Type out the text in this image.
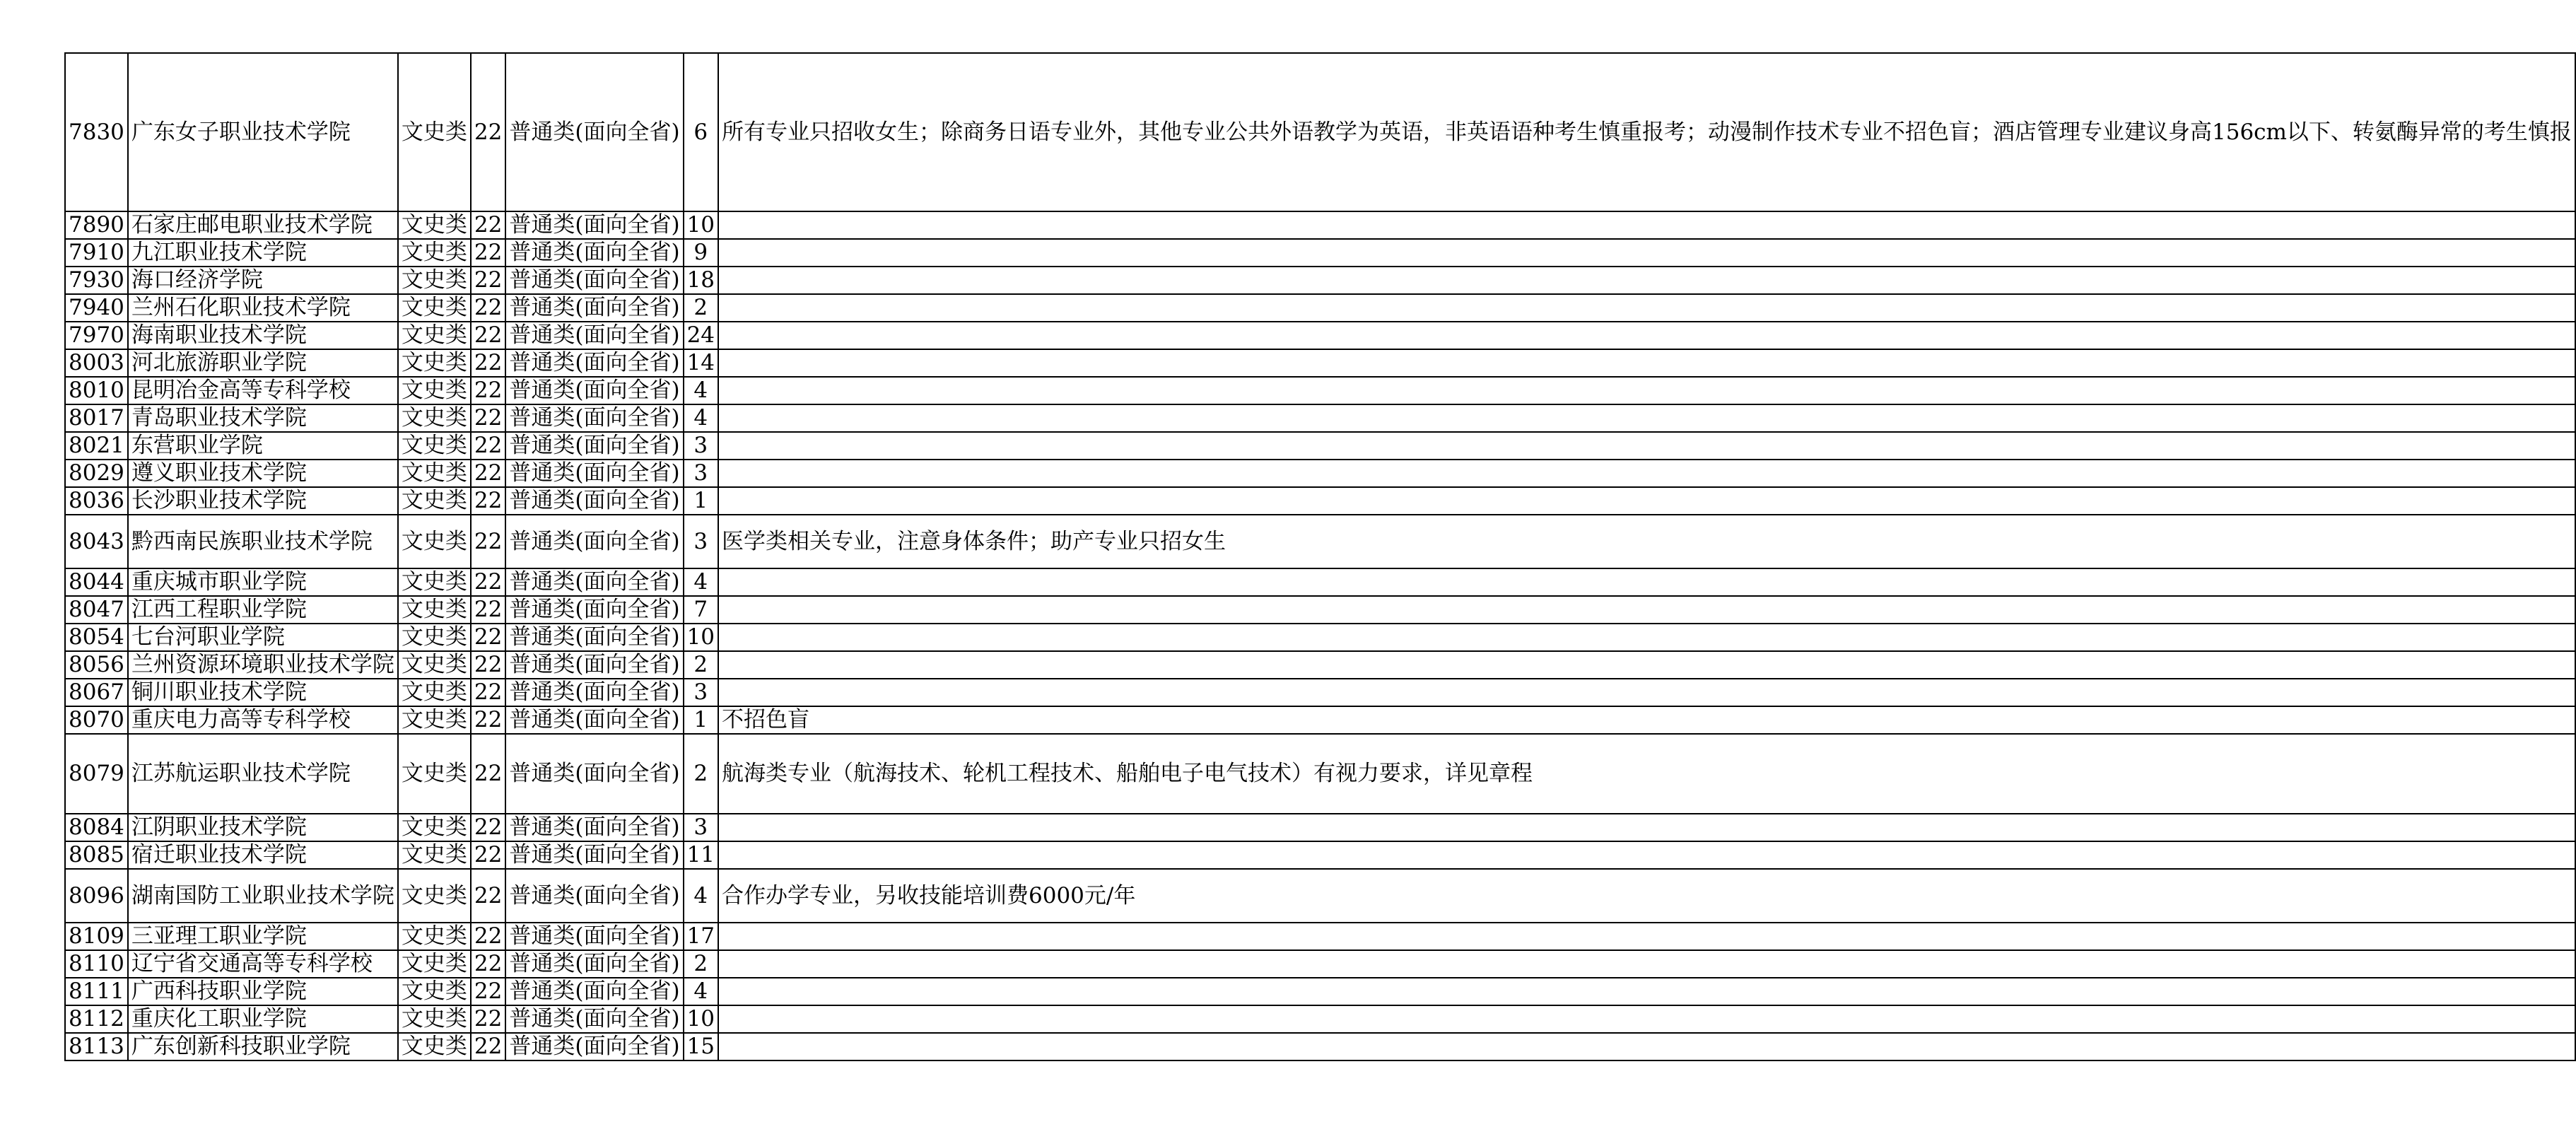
7830	广东女子职业技术学院	文史类	22	普通类(面向全省)	6	所有专业只招收女生；除商务日语专业外，其他专业公共外语教学为英语，非英语语种考生慎重报考；动漫制作技术专业不招色盲；酒店管理专业建议身高156cm以下、转氨酶异常的考生慎报
7890	石家庄邮电职业技术学院	文史类	22	普通类(面向全省)	10	
7910	九江职业技术学院	文史类	22	普通类(面向全省)	9	
7930	海口经济学院	文史类	22	普通类(面向全省)	18	
7940	兰州石化职业技术学院	文史类	22	普通类(面向全省)	2	
7970	海南职业技术学院	文史类	22	普通类(面向全省)	24	
8003	河北旅游职业学院	文史类	22	普通类(面向全省)	14	
8010	昆明冶金高等专科学校	文史类	22	普通类(面向全省)	4	
8017	青岛职业技术学院	文史类	22	普通类(面向全省)	4	
8021	东营职业学院	文史类	22	普通类(面向全省)	3	
8029	遵义职业技术学院	文史类	22	普通类(面向全省)	3	
8036	长沙职业技术学院	文史类	22	普通类(面向全省)	1	
8043	黔西南民族职业技术学院	文史类	22	普通类(面向全省)	3	医学类相关专业，注意身体条件；助产专业只招女生
8044	重庆城市职业学院	文史类	22	普通类(面向全省)	4	
8047	江西工程职业学院	文史类	22	普通类(面向全省)	7	
8054	七台河职业学院	文史类	22	普通类(面向全省)	10	
8056	兰州资源环境职业技术学院	文史类	22	普通类(面向全省)	2	
8067	铜川职业技术学院	文史类	22	普通类(面向全省)	3	
8070	重庆电力高等专科学校	文史类	22	普通类(面向全省)	1	不招色盲
8079	江苏航运职业技术学院	文史类	22	普通类(面向全省)	2	航海类专业（航海技术、轮机工程技术、船舶电子电气技术）有视力要求，详见章程
8084	江阴职业技术学院	文史类	22	普通类(面向全省)	3	
8085	宿迁职业技术学院	文史类	22	普通类(面向全省)	11	
8096	湖南国防工业职业技术学院	文史类	22	普通类(面向全省)	4	合作办学专业，另收技能培训费6000元/年
8109	三亚理工职业学院	文史类	22	普通类(面向全省)	17	
8110	辽宁省交通高等专科学校	文史类	22	普通类(面向全省)	2	
8111	广西科技职业学院	文史类	22	普通类(面向全省)	4	
8112	重庆化工职业学院	文史类	22	普通类(面向全省)	10	
8113	广东创新科技职业学院	文史类	22	普通类(面向全省)	15	
